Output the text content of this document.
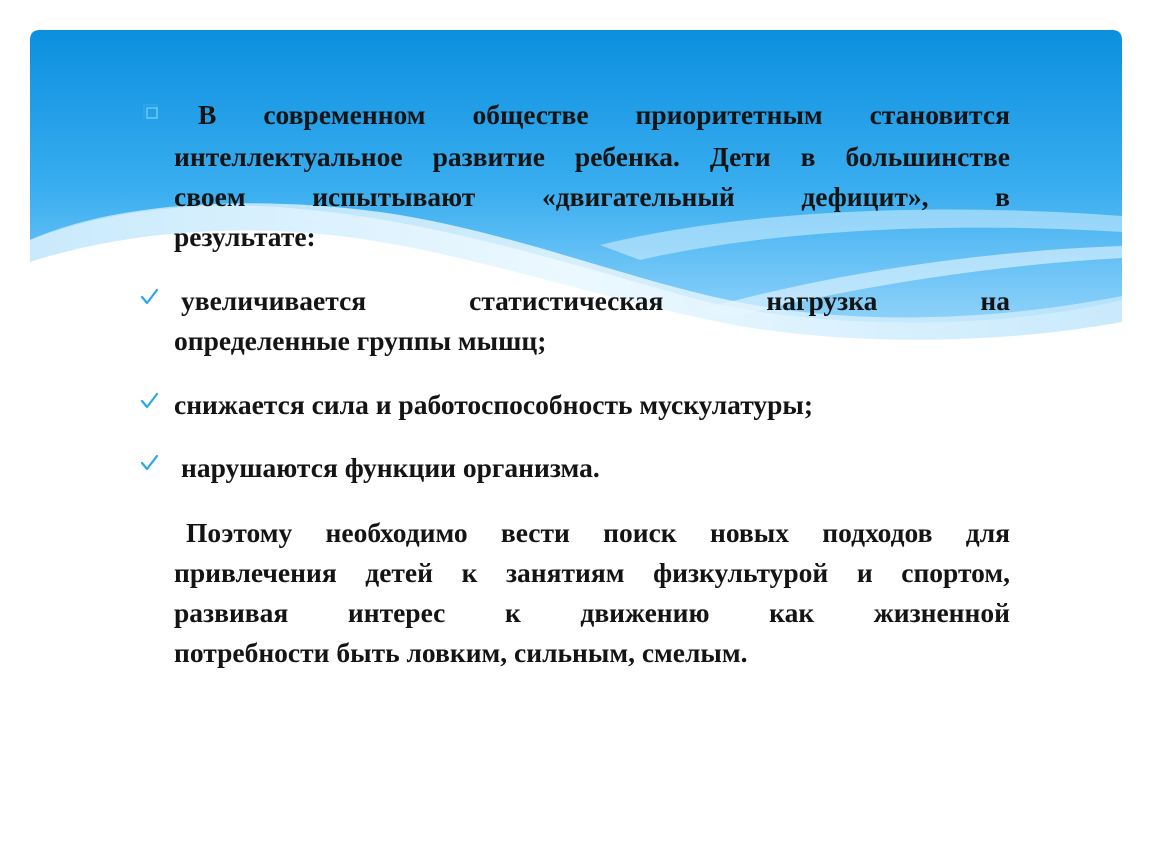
В современном обществе приоритетным становится
интеллектуальное развитие ребенка. Дети в большинстве
своем испытывают «двигательный дефицит», в
результате:
увеличивается	статистическая	нагрузка	на
определенные группы мышц;
снижается сила и работоспособность мускулатуры;
нарушаются функции организма.
Поэтому необходимо вести поиск новых подходов для
привлечения детей к занятиям физкультурой и спортом,
развивая интерес к движению как жизненной
потребности быть ловким, сильным, смелым.
